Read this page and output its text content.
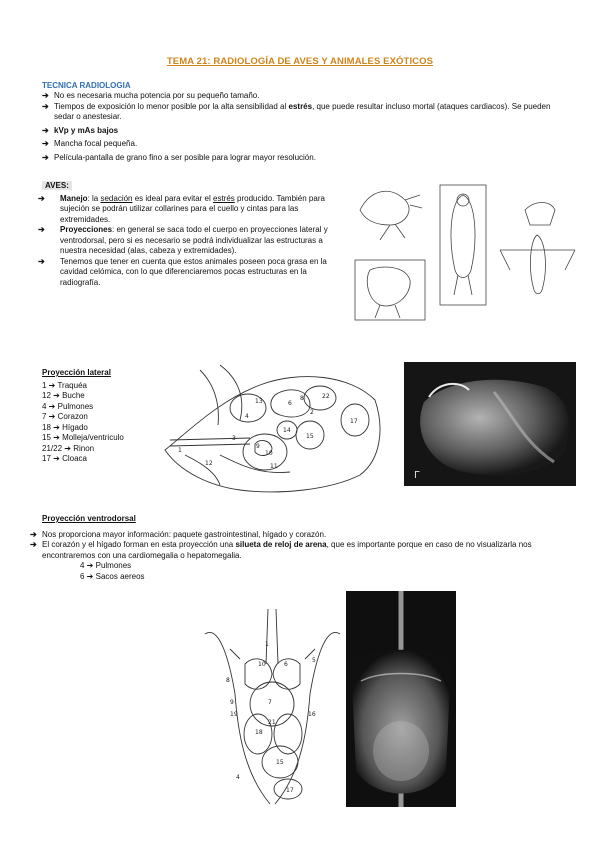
TEMA 21: RADIOLOGÍA DE AVES Y ANIMALES EXÓTICOS
TECNICA RADIOLOGIA
➔ No es necesaria mucha potencia por su pequeño tamaño.
➔ Tiempos de exposición lo menor posible por la alta sensibilidad al estrés, que puede resultar incluso mortal (ataques cardiacos). Se pueden sedar o anestesiar.
➔ kVp y mAs bajos
➔ Mancha focal pequeña.
➔ Película-pantalla de grano fino a ser posible para lograr mayor resolución.
AVES:
➔	Manejo: la sedación es ideal para evitar el estrés producido. También para sujeción se podrán utilizar collarines para el cuello y cintas para las extremidades.
➔	Proyecciones: en general se saca todo el cuerpo en proyecciones lateral y ventrodorsal, pero si es necesario se podrá individualizar las estructuras a nuestra necesidad (alas, cabeza y extremidades).
➔	Tenemos que tener en cuenta que estos animales poseen poca grasa en la cavidad celómica, con lo que diferenciaremos pocas estructuras en la radiografía.
Proyección lateral
1 ➔ Traquéa
12 ➔ Buche
4 ➔ Pulmones
7 ➔ Corazon
18 ➔ Hígado
15 ➔ Molleja/ventriculo
21/22 ➔ Rinon
17 ➔ Cloaca
13
4
6
8	22
2
14
15
17
3
9
10
1
12	11
Γ
Proyección ventrodorsal
➔ Nos proporciona mayor información: paquete gastrointestinal, hígado y corazón.
➔ El corazón y el hígado forman en esta proyección una silueta de reloj de arena, que es importante porque en caso de no visualizarla nos encontraremos con una cardiomegalia o hepatomegalia.
4 ➔ Pulmones
6 ➔ Sacos aereos
1
10	6
5
8
7
9
19
21
18
16
15
17
4
